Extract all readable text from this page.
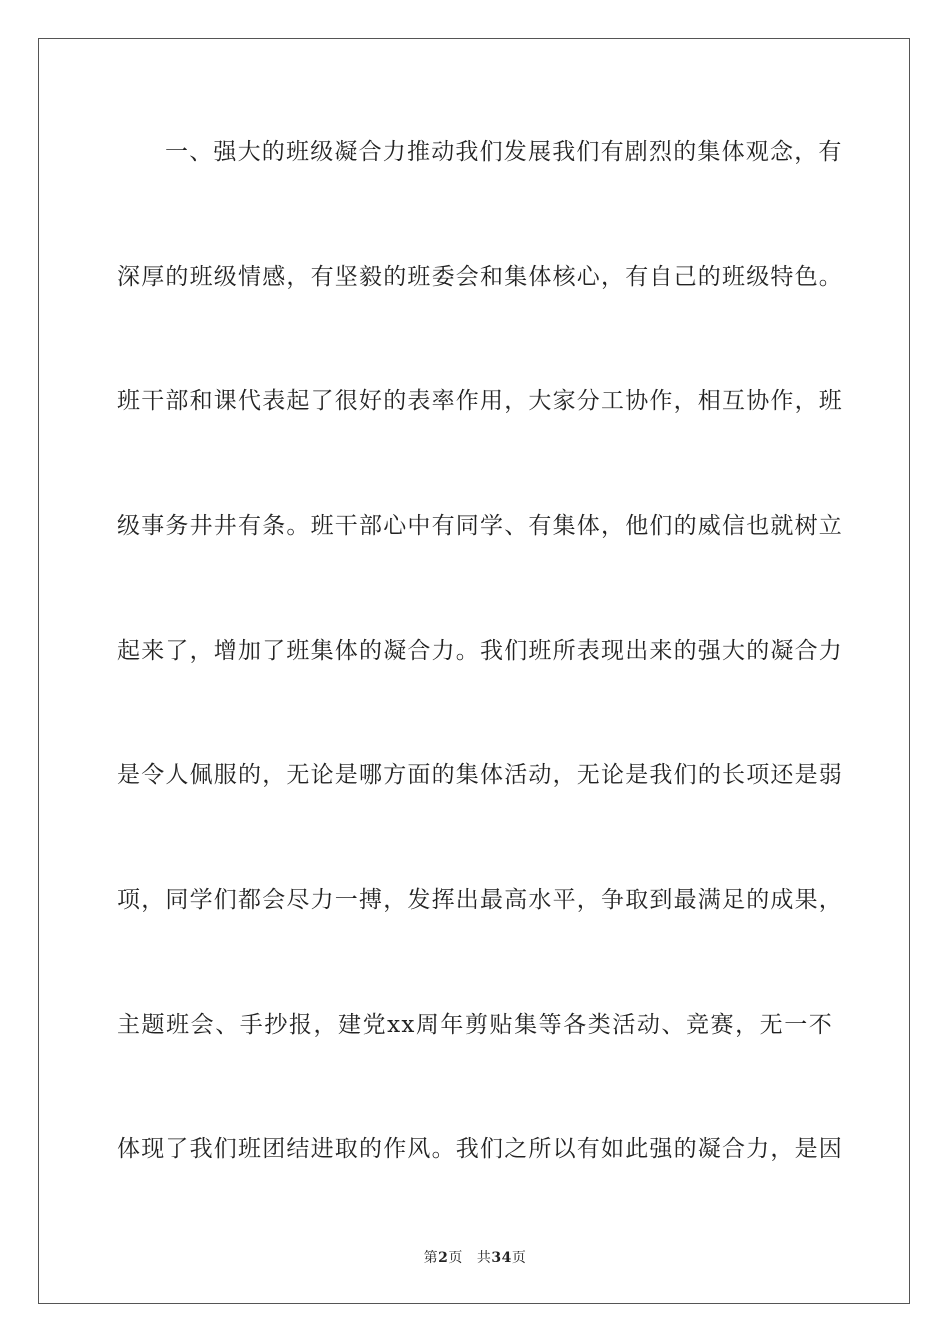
一、强大的班级凝合力推动我们发展我们有剧烈的集体观念，有
深厚的班级情感，有坚毅的班委会和集体核心，有自己的班级特色。
班干部和课代表起了很好的表率作用，大家分工协作，相互协作，班
级事务井井有条。班干部心中有同学、有集体，他们的威信也就树立
起来了，增加了班集体的凝合力。我们班所表现出来的强大的凝合力
是令人佩服的，无论是哪方面的集体活动，无论是我们的长项还是弱
项，同学们都会尽力一搏，发挥出最高水平，争取到最满足的成果，
主题班会、手抄报，建党xx周年剪贴集等各类活动、竞赛，无一不
体现了我们班团结进取的作风。我们之所以有如此强的凝合力，是因
第2页 共34页
